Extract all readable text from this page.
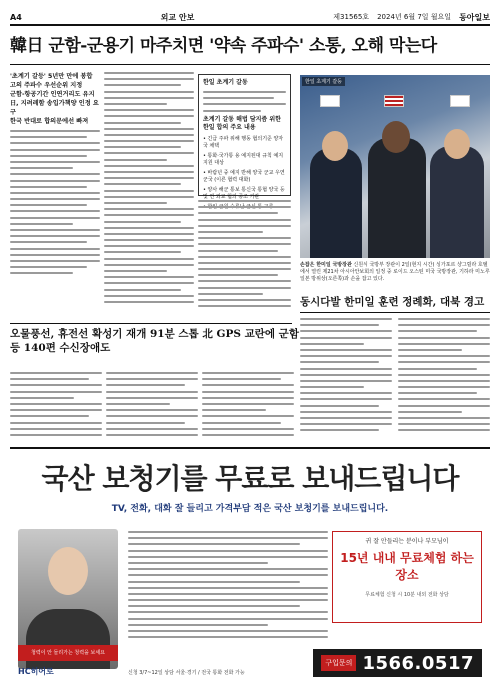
A4	외교 안보	제31565호 2024년 6월 7일 월요일 동아일보
韓日 군함-군용기 마주치면 '약속 주파수' 소통, 오해 막는다
'초계기 갈등' 5년만 만에 봉합
고의 주파수 우선순위 지정
군함-항공기간 인연거리도 유지
日, 지려레함 송입가책양 인정 요구
한국 반대로 합의문에선 빠져
한일 초계기 갈동
초계기 갈동 해법 담지즘 위한 한일 합의 주요 내용
• 긴급 주파 위해 행동 협의기준 양자국 채택
• 통화·국가통 용 예지된대 규칙 예지 지원 대상
• 바람년 중 예지 반해 양국 군교 우연 군국 (이른 협력 대화)
• 양사 해군 통보 통신국 통협 양국 등 및 연 외교 협의 공조 기관
한일 초계기 갈등
손잡은 한미일 국방장관 신원식 국방부 장관이 2일(현지 시간) 싱가포르 샹그릴라 호텔에서 열린 제21차 아시아안보회의 일정 중 로이드 오스틴 미국 국방장관, 기하라 미노루 일본 방위상(오른쪽)과 손을 잡고 있다.
동시다발 한미일 훈련 정례화, 대북 경고
오물풍선, 휴전선 확성기 재개 91분 스톱 北 GPS 교란에 군함 등 140편 수신장애도
국산 보청기를 무료로 보내드립니다
TV, 전화, 대화 잘 들리고 가격부담 적은 국산 보청기를 보내드립니다.
청력이 안 들리가는 청력을 보세요
귀 잘 안들리는 분이나 부모님이
15년 내내 무료체험 하는 장소
무료체험 신청 시 10분 내외 전화 상담
HC히어로	신청 3/7~12일 상담 서울·경기 / 전국 통화 전화 가능
구입문의 1566.0517
